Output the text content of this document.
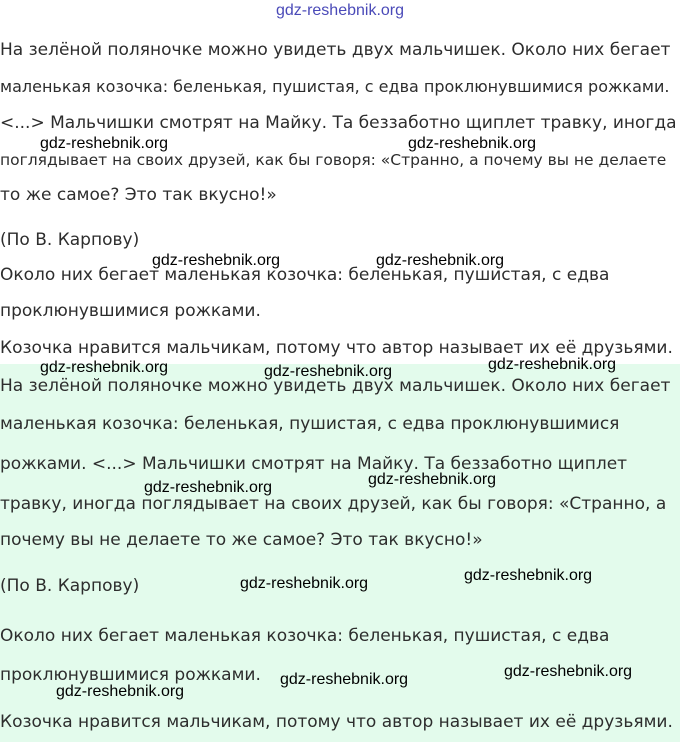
gdz-reshebnik.org
На зелёной поляночке можно увидеть двух мальчишек. Около них бегает
маленькая козочка: беленькая, пушистая, с едва проклюнувшимися рожками.
<...> Мальчишки смотрят на Майку. Та беззаботно щиплет травку, иногда
поглядывает на своих друзей, как бы говоря: «Странно, а почему вы не делаете
то же самое? Это так вкусно!»
(По В. Карпову)
Около них бегает маленькая козочка: беленькая, пушистая, с едва
проклюнувшимися рожками.
Козочка нравится мальчикам, потому что автор называет их её друзьями.
На зелёной поляночке можно увидеть двух мальчишек. Около них бегает
маленькая козочка: беленькая, пушистая, с едва проклюнувшимися
рожками. <...> Мальчишки смотрят на Майку. Та беззаботно щиплет
травку, иногда поглядывает на своих друзей, как бы говоря: «Странно, а
почему вы не делаете то же самое? Это так вкусно!»
(По В. Карпову)
Около них бегает маленькая козочка: беленькая, пушистая, с едва
проклюнувшимися рожками.
Козочка нравится мальчикам, потому что автор называет их её друзьями.
gdz-reshebnik.org	gdz-reshebnik.org
gdz-reshebnik.org	gdz-reshebnik.org
gdz-reshebnik.org	gdz-reshebnik.org	gdz-reshebnik.org
gdz-reshebnik.org	gdz-reshebnik.org
gdz-reshebnik.org	gdz-reshebnik.org
gdz-reshebnik.org
gdz-reshebnik.org
gdz-reshebnik.org
